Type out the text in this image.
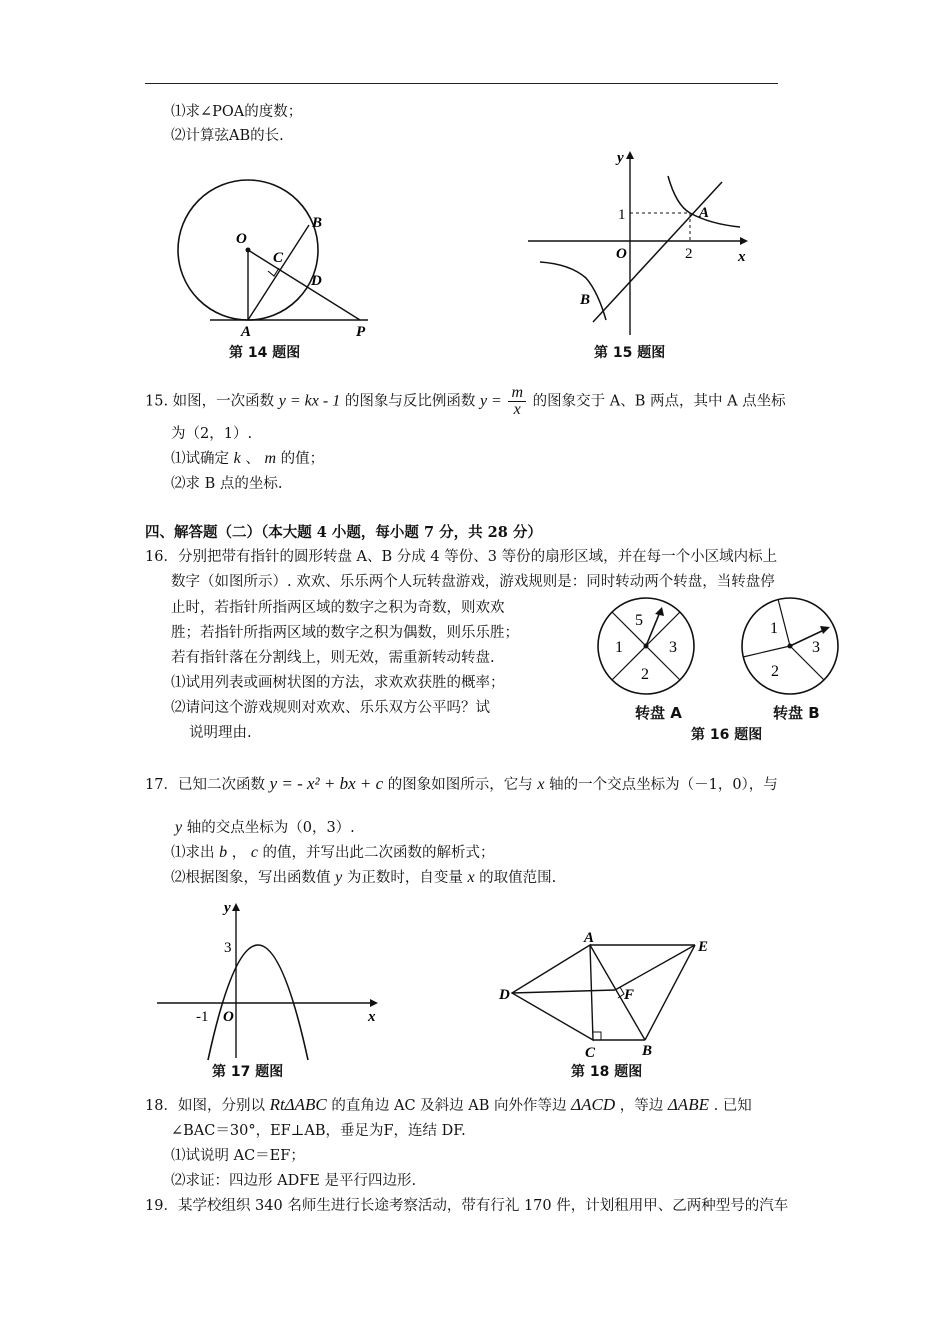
⑴求∠POA的度数；
⑵计算弦AB的长.
O
A
B
C
D
P
第 14 题图
y
x
O
1
2
A
B
第 15 题图
15. 如图，一次函数 y = kx - 1 的图象与反比例函数 $y = \frac{m}{x}$ 的图象交于 A、B 两点，其中 A 点坐标
为（2，1）.
⑴试确定 k 、 m 的值；
⑵求 B 点的坐标.
四、解答题（二）（本大题 4 小题，每小题 7 分，共 28 分）
16．分别把带有指针的圆形转盘 A、B 分成 4 等份、3 等份的扇形区域，并在每一个小区域内标上
数字（如图所示）. 欢欢、乐乐两个人玩转盘游戏，游戏规则是：同时转动两个转盘，当转盘停
止时，若指针所指两区域的数字之积为奇数，则欢欢
胜；若指针所指两区域的数字之积为偶数，则乐乐胜；
若有指针落在分割线上，则无效，需重新转动转盘.
⑴试用列表或画树状图的方法，求欢欢获胜的概率；
⑵请问这个游戏规则对欢欢、乐乐双方公平吗？试
说明理由.
5
1	3
2
1
3
2
转盘 A	转盘 B
第 16 题图
17．已知二次函数 y = - x² + bx + c 的图象如图所示，它与 x 轴的一个交点坐标为（－1，0），与
y 轴的交点坐标为（0，3）.
⑴求出 b ， c 的值，并写出此二次函数的解析式；
⑵根据图象，写出函数值 y 为正数时，自变量 x 的取值范围.
y
x
3
-1 O
第 17 题图
A
E
D	F
C	B
第 18 题图
18．如图，分别以 RtΔABC 的直角边 AC 及斜边 AB 向外作等边 ΔACD ，等边 ΔABE . 已知
∠BAC＝30°，EF⊥AB，垂足为F，连结 DF.
⑴试说明 AC＝EF；
⑵求证：四边形 ADFE 是平行四边形.
19．某学校组织 340 名师生进行长途考察活动，带有行礼 170 件，计划租用甲、乙两种型号的汽车
